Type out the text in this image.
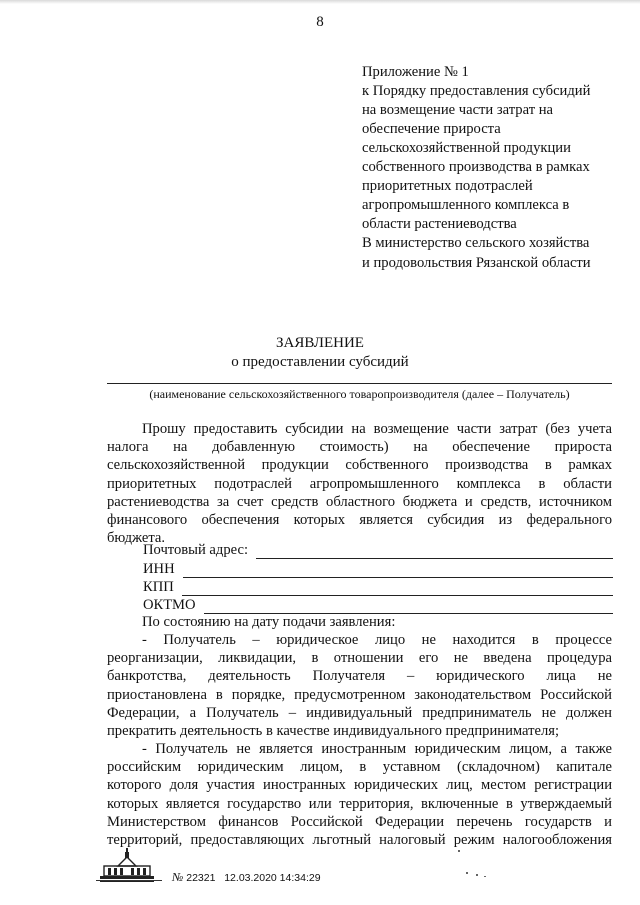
8
Приложение № 1
к Порядку предоставления субсидий
на возмещение части затрат на
обеспечение прироста
сельскохозяйственной продукции
собственного производства в рамках
приоритетных подотраслей
агропромышленного комплекса в
области растениеводства
В министерство сельского хозяйства
и продовольствия Рязанской области
ЗАЯВЛЕНИЕ
о предоставлении субсидий
(наименование сельскохозяйственного товаропроизводителя (далее – Получатель)
Прошу предоставить субсидии на возмещение части затрат (без учета
налога на добавленную стоимость) на обеспечение прироста
сельскохозяйственной продукции собственного производства в рамках
приоритетных подотраслей агропромышленного комплекса в области
растениеводства за счет средств областного бюджета и средств, источником
финансового обеспечения которых является субсидия из федерального
бюджета.
Почтовый адрес:
ИНН
КПП
ОКТМО
По состоянию на дату подачи заявления:
- Получатель – юридическое лицо не находится в процессе
реорганизации, ликвидации, в отношении его не введена процедура
банкротства, деятельность Получателя – юридического лица не
приостановлена в порядке, предусмотренном законодательством Российской
Федерации, а Получатель – индивидуальный предприниматель не должен
прекратить деятельность в качестве индивидуального предпринимателя;
- Получатель не является иностранным юридическим лицом, а также
российским юридическим лицом, в уставном (складочном) капитале
которого доля участия иностранных юридических лиц, местом регистрации
которых является государство или территория, включенные в утверждаемый
Министерством финансов Российской Федерации перечень государств и
территорий, предоставляющих льготный налоговый режим налогообложения
№ 22321 12.03.2020 14:34:29
